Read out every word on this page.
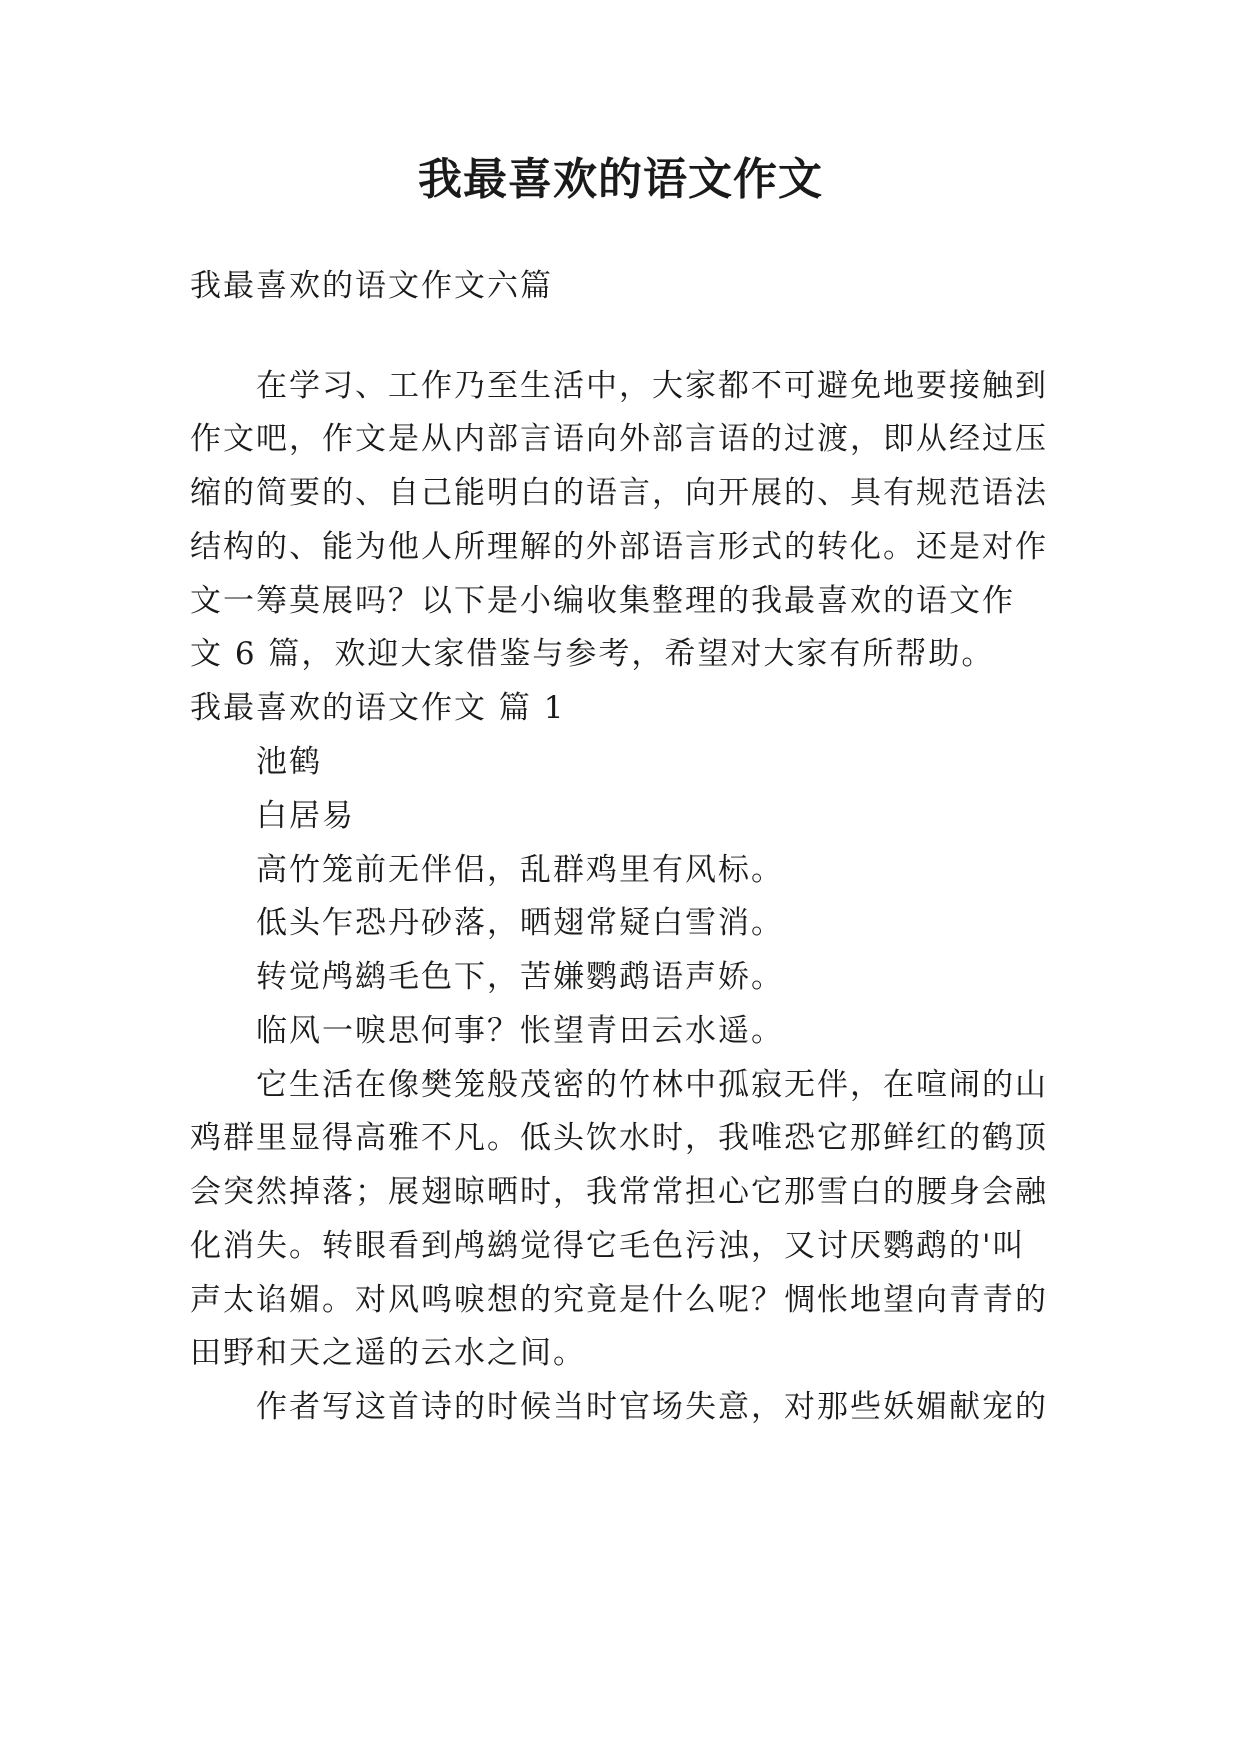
我最喜欢的语文作文
我最喜欢的语文作文六篇
在学习、工作乃至生活中，大家都不可避免地要接触到
作文吧，作文是从内部言语向外部言语的过渡，即从经过压
缩的简要的、自己能明白的语言，向开展的、具有规范语法
结构的、能为他人所理解的外部语言形式的转化。还是对作
文一筹莫展吗？以下是小编收集整理的我最喜欢的语文作
文 6 篇，欢迎大家借鉴与参考，希望对大家有所帮助。
我最喜欢的语文作文 篇 1
池鹤
白居易
高竹笼前无伴侣，乱群鸡里有风标。
低头乍恐丹砂落，晒翅常疑白雪消。
转觉鸬鹚毛色下，苦嫌鹦鹉语声娇。
临风一唳思何事？怅望青田云水遥。
它生活在像樊笼般茂密的竹林中孤寂无伴，在喧闹的山
鸡群里显得高雅不凡。低头饮水时，我唯恐它那鲜红的鹤顶
会突然掉落；展翅晾晒时，我常常担心它那雪白的腰身会融
化消失。转眼看到鸬鹚觉得它毛色污浊，又讨厌鹦鹉的'叫
声太谄媚。对风鸣唳想的究竟是什么呢？惆怅地望向青青的
田野和天之遥的云水之间。
作者写这首诗的时候当时官场失意，对那些妖媚献宠的
